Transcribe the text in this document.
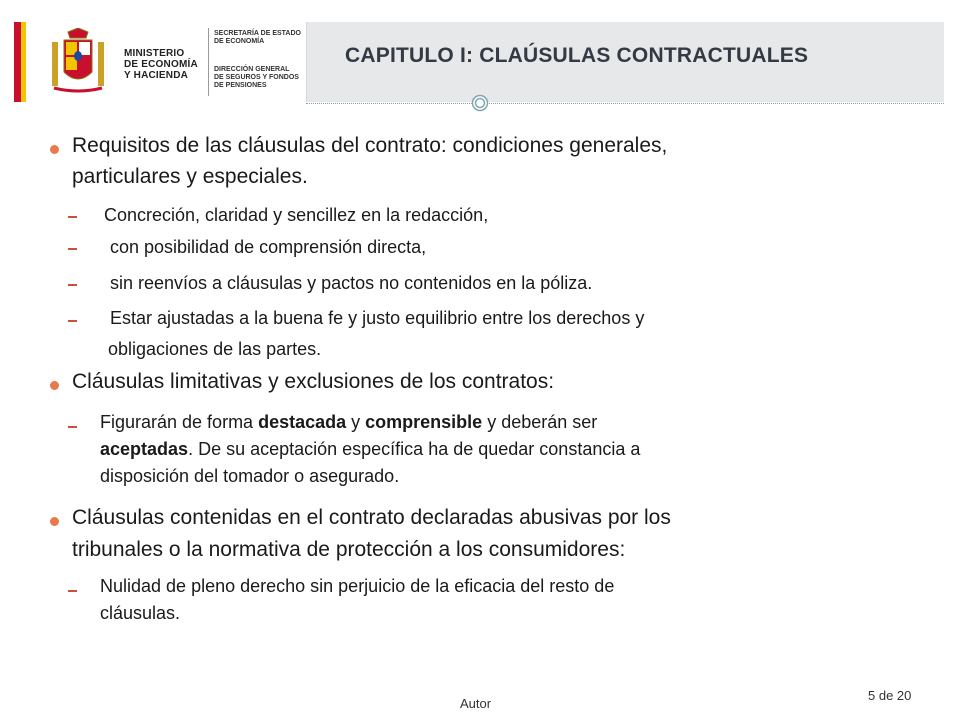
MINISTERIO
DE ECONOMÍA
Y HACIENDA
SECRETARÍA DE ESTADO
DE ECONOMÍA
DIRECCIÓN GENERAL
DE SEGUROS Y FONDOS
DE PENSIONES
CAPITULO I: CLAÚSULAS CONTRACTUALES
Requisitos de las cláusulas del contrato: condiciones generales,
particulares y especiales.
Concreción, claridad y sencillez en la redacción,
con posibilidad de comprensión directa,
sin reenvíos a cláusulas y pactos no contenidos en la póliza.
Estar ajustadas a la buena fe y justo equilibrio entre los derechos y
obligaciones de las partes.
Cláusulas limitativas y exclusiones de los contratos:
Figurarán de forma destacada y comprensible y deberán ser
aceptadas. De su aceptación específica ha de quedar constancia a
disposición del tomador o asegurado.
Cláusulas contenidas en el contrato declaradas abusivas por los
tribunales o la normativa de protección a los consumidores:
Nulidad de pleno derecho sin perjuicio de la eficacia del resto de
cláusulas.
Autor
5 de 20
